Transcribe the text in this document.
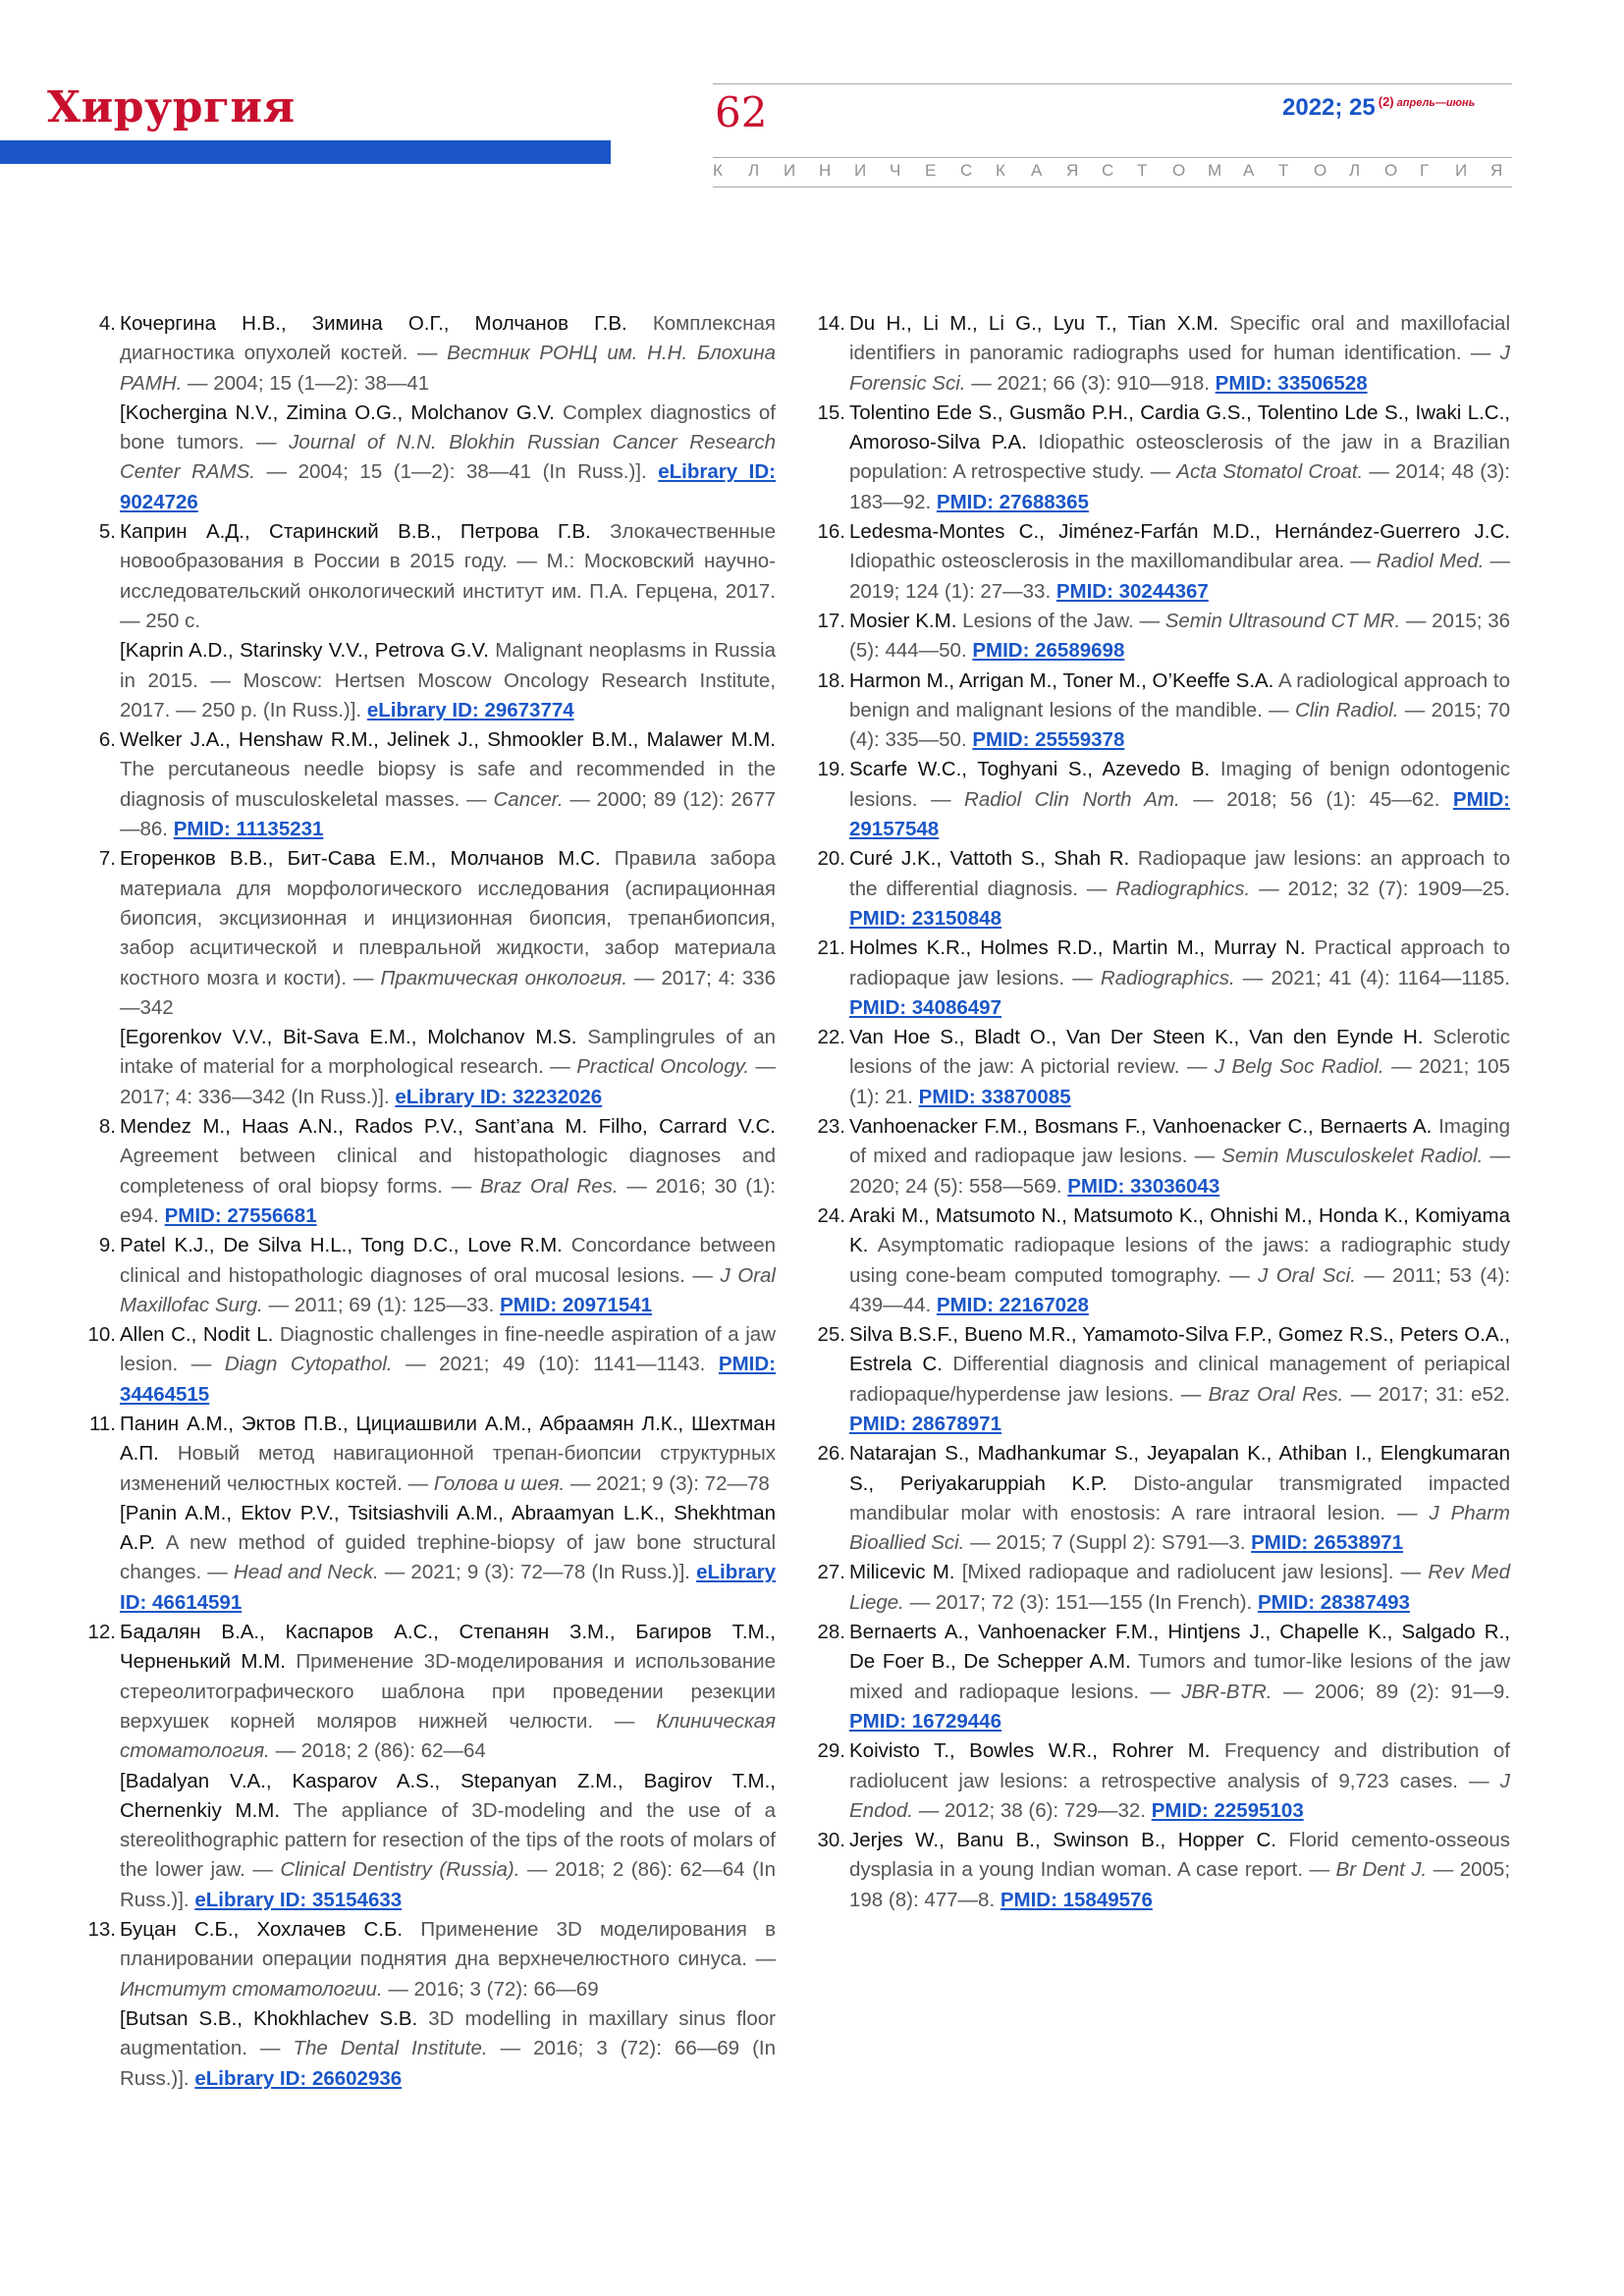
Хирургия	62	2022; 25 $^{(2)}$ $^{апрель—июнь}$
К	Л	И	Н	И	Ч	Е	С	К	А	Я	С	Т	О	М	А	Т	О	Л	О	Г	И	Я
4. Кочергина Н.В., Зимина О.Г., Молчанов Г.В. Комплексная диагностика опухолей костей. — Вестник РОНЦ им. Н.Н. Блохина РАМН. — 2004; 15 (1—2): 38—41
[Kochergina N.V., Zimina O.G., Molchanov G.V. Complex diagnostics of bone tumors. — Journal of N.N. Blokhin Russian Cancer Research Center RAMS. — 2004; 15 (1—2): 38—41 (In Russ.)]. eLibrary ID: 9024726
5. Каприн А.Д., Старинский В.В., Петрова Г.В. Злокачественные новообразования в России в 2015 году. — М.: Московский научно-исследовательский онкологический институт им. П.А. Герцена, 2017. — 250 с.
[Kaprin A.D., Starinsky V.V., Petrova G.V. Malignant neoplasms in Russia in 2015. — Moscow: Hertsen Moscow Oncology Research Institute, 2017. — 250 p. (In Russ.)]. eLibrary ID: 29673774
6. Welker J.A., Henshaw R.M., Jelinek J., Shmookler B.M., Malawer M.M. The percutaneous needle biopsy is safe and recommended in the diagnosis of musculoskeletal masses. — Cancer. — 2000; 89 (12): 2677—86. PMID: 11135231
7. Егоренков В.В., Бит-Сава Е.М., Молчанов М.С. Правила забора материала для морфологического исследования (аспирационная биопсия, эксцизионная и инцизионная биопсия, трепанбиопсия, забор асцитической и плевральной жидкости, забор материала костного мозга и кости). — Практическая онкология. — 2017; 4: 336—342
[Egorenkov V.V., Bit-Sava E.M., Molchanov M.S. Samplingrules of an intake of material for a morphological research. — Practical Oncology. — 2017; 4: 336—342 (In Russ.)]. eLibrary ID: 32232026
8. Mendez M., Haas A.N., Rados P.V., Sant’ana M. Filho, Carrard V.C. Agreement between clinical and histopathologic diagnoses and completeness of oral biopsy forms. — Braz Oral Res. — 2016; 30 (1): e94. PMID: 27556681
9. Patel K.J., De Silva H.L., Tong D.C., Love R.M. Concordance between clinical and histopathologic diagnoses of oral mucosal lesions. — J Oral Maxillofac Surg. — 2011; 69 (1): 125—33. PMID: 20971541
10. Allen C., Nodit L. Diagnostic challenges in fine-needle aspiration of a jaw lesion. — Diagn Cytopathol. — 2021; 49 (10): 1141—1143. PMID: 34464515
11. Панин А.М., Эктов П.В., Цициашвили А.М., Абраамян Л.К., Шехтман А.П. Новый метод навигационной трепан-биопсии структурных изменений челюстных костей. — Голова и шея. — 2021; 9 (3): 72—78
[Panin A.M., Ektov P.V., Tsitsiashvili A.M., Abraamyan L.K., Shekhtman A.P. A new method of guided trephine-biopsy of jaw bone structural changes. — Head and Neck. — 2021; 9 (3): 72—78 (In Russ.)]. eLibrary ID: 46614591
12. Бадалян В.А., Каспаров А.С., Степанян З.М., Багиров Т.М., Черненький М.М. Применение 3D-моделирования и использование стереолитографического шаблона при проведении резекции верхушек корней моляров нижней челюсти. — Клиническая стоматология. — 2018; 2 (86): 62—64
[Badalyan V.A., Kasparov A.S., Stepanyan Z.M., Bagirov T.M., Chernenkiy M.M. The appliance of 3D-modeling and the use of a stereolithographic pattern for resection of the tips of the roots of molars of the lower jaw. — Clinical Dentistry (Russia). — 2018; 2 (86): 62—64 (In Russ.)]. eLibrary ID: 35154633
13. Буцан С.Б., Хохлачев С.Б. Применение 3D моделирования в планировании операции поднятия дна верхнечелюстного синуса. — Институт стоматологии. — 2016; 3 (72): 66—69
[Butsan S.B., Khokhlachev S.B. 3D modelling in maxillary sinus floor augmentation. — The Dental Institute. — 2016; 3 (72): 66—69 (In Russ.)]. eLibrary ID: 26602936
14. Du H., Li M., Li G., Lyu T., Tian X.M. Specific oral and maxillofacial identifiers in panoramic radiographs used for human identification. — J Forensic Sci. — 2021; 66 (3): 910—918. PMID: 33506528
15. Tolentino Ede S., Gusmão P.H., Cardia G.S., Tolentino Lde S., Iwaki L.C., Amoroso-Silva P.A. Idiopathic osteosclerosis of the jaw in a Brazilian population: A retrospective study. — Acta Stomatol Croat. — 2014; 48 (3): 183—92. PMID: 27688365
16. Ledesma-Montes C., Jiménez-Farfán M.D., Hernández-Guerrero J.C. Idiopathic osteosclerosis in the maxillomandibular area. — Radiol Med. — 2019; 124 (1): 27—33. PMID: 30244367
17. Mosier K.M. Lesions of the Jaw. — Semin Ultrasound CT MR. — 2015; 36 (5): 444—50. PMID: 26589698
18. Harmon M., Arrigan M., Toner M., O’Keeffe S.A. A radiological approach to benign and malignant lesions of the mandible. — Clin Radiol. — 2015; 70 (4): 335—50. PMID: 25559378
19. Scarfe W.C., Toghyani S., Azevedo B. Imaging of benign odontogenic lesions. — Radiol Clin North Am. — 2018; 56 (1): 45—62. PMID: 29157548
20. Curé J.K., Vattoth S., Shah R. Radiopaque jaw lesions: an approach to the differential diagnosis. — Radiographics. — 2012; 32 (7): 1909—25. PMID: 23150848
21. Holmes K.R., Holmes R.D., Martin M., Murray N. Practical approach to radiopaque jaw lesions. — Radiographics. — 2021; 41 (4): 1164—1185. PMID: 34086497
22. Van Hoe S., Bladt O., Van Der Steen K., Van den Eynde H. Sclerotic lesions of the jaw: A pictorial review. — J Belg Soc Radiol. — 2021; 105 (1): 21. PMID: 33870085
23. Vanhoenacker F.M., Bosmans F., Vanhoenacker C., Bernaerts A. Imaging of mixed and radiopaque jaw lesions. — Semin Musculoskelet Radiol. — 2020; 24 (5): 558—569. PMID: 33036043
24. Araki M., Matsumoto N., Matsumoto K., Ohnishi M., Honda K., Komiyama K. Asymptomatic radiopaque lesions of the jaws: a radiographic study using cone-beam computed tomography. — J Oral Sci. — 2011; 53 (4): 439—44. PMID: 22167028
25. Silva B.S.F., Bueno M.R., Yamamoto-Silva F.P., Gomez R.S., Peters O.A., Estrela C. Differential diagnosis and clinical management of periapical radiopaque/hyperdense jaw lesions. — Braz Oral Res. — 2017; 31: e52. PMID: 28678971
26. Natarajan S., Madhankumar S., Jeyapalan K., Athiban I., Elengkumaran S., Periyakaruppiah K.P. Disto-angular transmigrated impacted mandibular molar with enostosis: A rare intraoral lesion. — J Pharm Bioallied Sci. — 2015; 7 (Suppl 2): S791—3. PMID: 26538971
27. Milicevic M. [Mixed radiopaque and radiolucent jaw lesions]. — Rev Med Liege. — 2017; 72 (3): 151—155 (In French). PMID: 28387493
28. Bernaerts A., Vanhoenacker F.M., Hintjens J., Chapelle K., Salgado R., De Foer B., De Schepper A.M. Tumors and tumor-like lesions of the jaw mixed and radiopaque lesions. — JBR-BTR. — 2006; 89 (2): 91—9. PMID: 16729446
29. Koivisto T., Bowles W.R., Rohrer M. Frequency and distribution of radiolucent jaw lesions: a retrospective analysis of 9,723 cases. — J Endod. — 2012; 38 (6): 729—32. PMID: 22595103
30. Jerjes W., Banu B., Swinson B., Hopper C. Florid cemento-osseous dysplasia in a young Indian woman. A case report. — Br Dent J. — 2005; 198 (8): 477—8. PMID: 15849576
